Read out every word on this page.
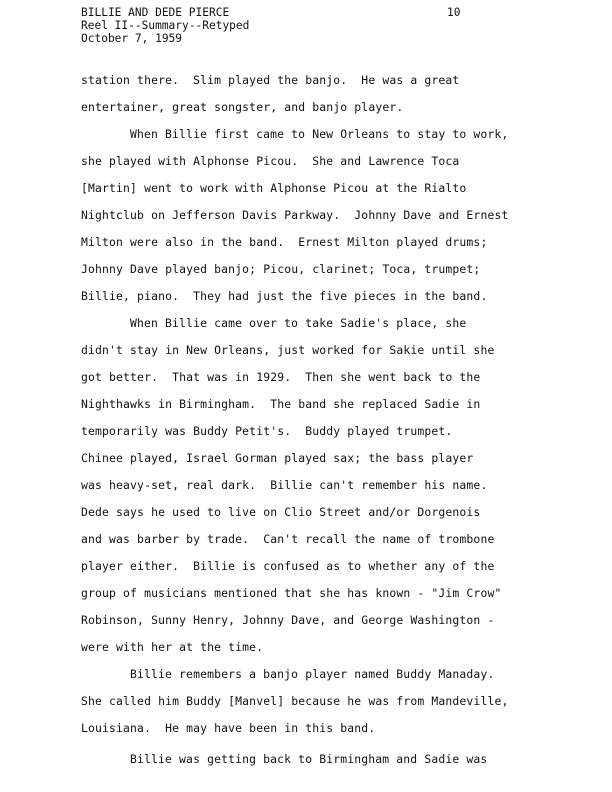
BILLIE AND DEDE PIERCE	10
Reel II--Summary--Retyped
October 7, 1959
station there.  Slim played the banjo.  He was a great
entertainer, great songster, and banjo player.
When Billie first came to New Orleans to stay to work,
she played with Alphonse Picou.  She and Lawrence Toca
[Martin] went to work with Alphonse Picou at the Rialto
Nightclub on Jefferson Davis Parkway.  Johnny Dave and Ernest
Milton were also in the band.  Ernest Milton played drums;
Johnny Dave played banjo; Picou, clarinet; Toca, trumpet;
Billie, piano.  They had just the five pieces in the band.
When Billie came over to take Sadie's place, she
didn't stay in New Orleans, just worked for Sakie until she
got better.  That was in 1929.  Then she went back to the
Nighthawks in Birmingham.  The band she replaced Sadie in
temporarily was Buddy Petit's.  Buddy played trumpet.
Chinee played, Israel Gorman played sax; the bass player
was heavy-set, real dark.  Billie can't remember his name.
Dede says he used to live on Clio Street and/or Dorgenois
and was barber by trade.  Can't recall the name of trombone
player either.  Billie is confused as to whether any of the
group of musicians mentioned that she has known - "Jim Crow"
Robinson, Sunny Henry, Johnny Dave, and George Washington -
were with her at the time.
Billie remembers a banjo player named Buddy Manaday.
She called him Buddy [Manvel] because he was from Mandeville,
Louisiana.  He may have been in this band.
Billie was getting back to Birmingham and Sadie was
